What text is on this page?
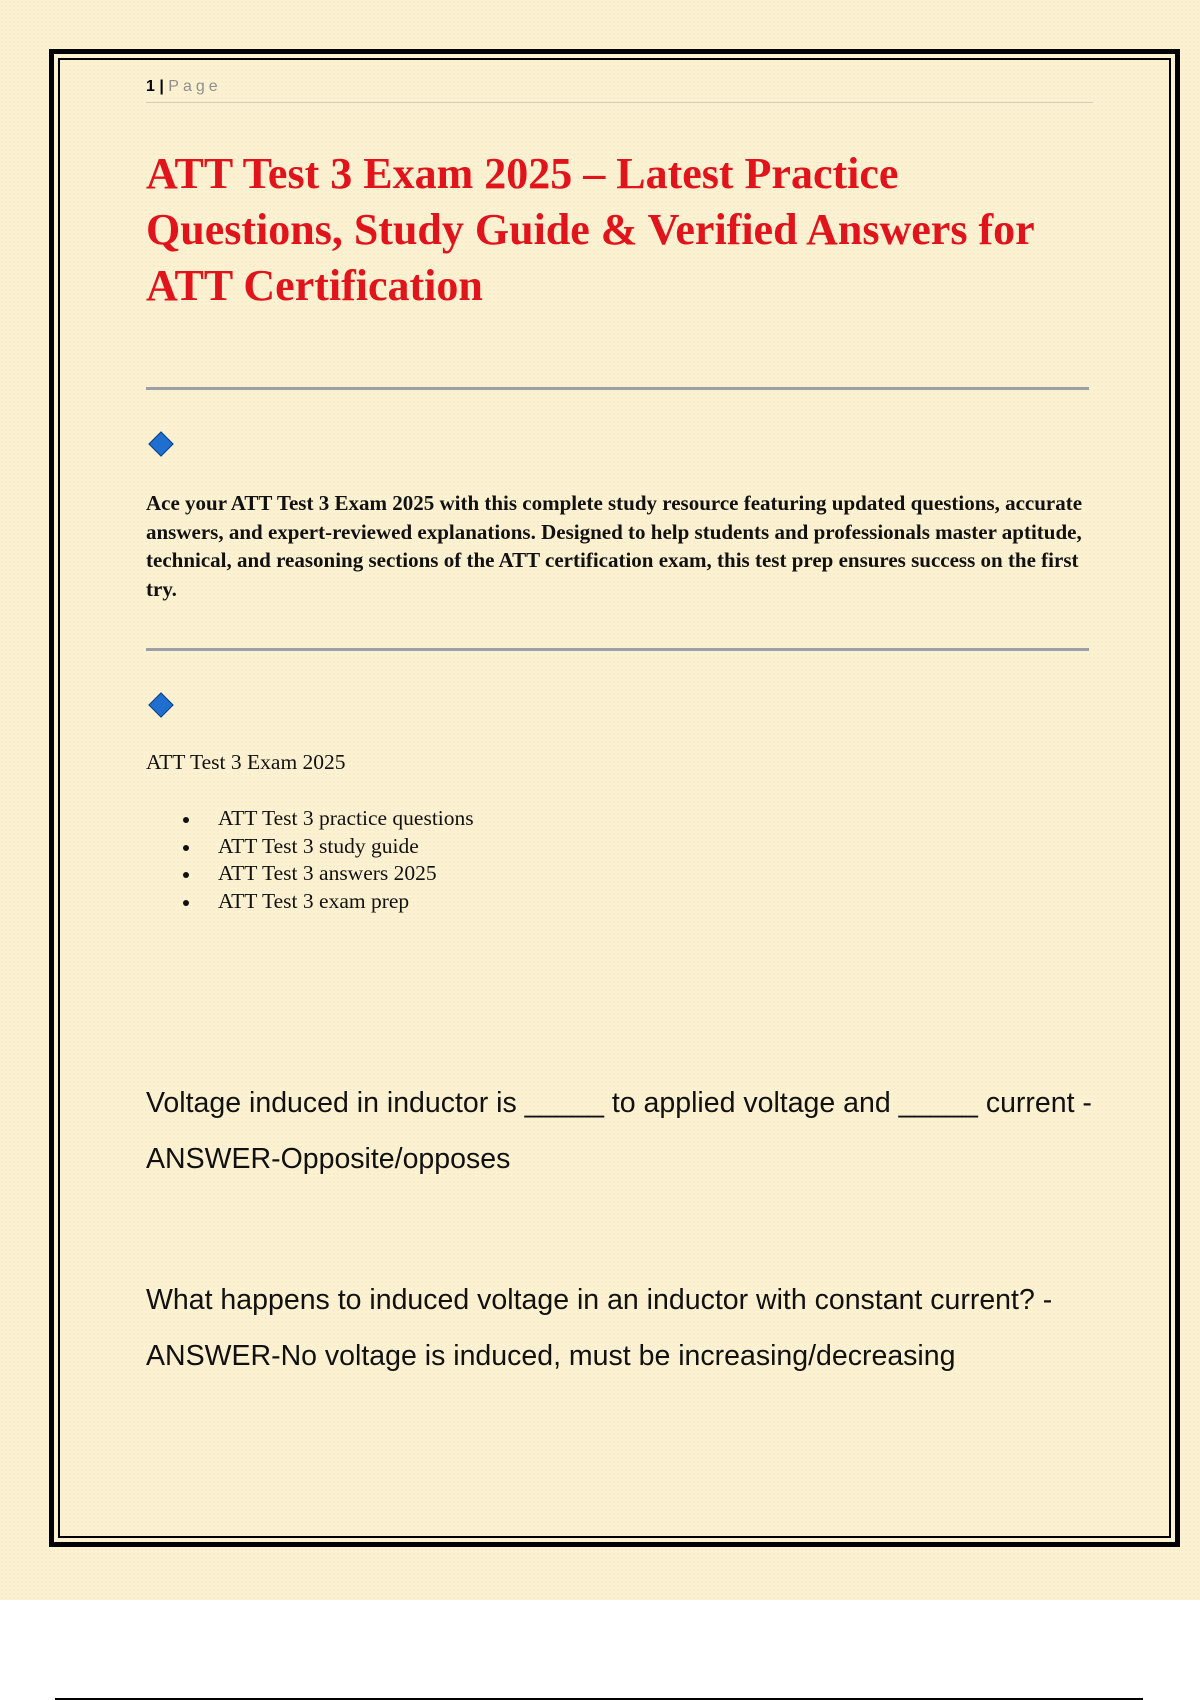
1 | Page
ATT Test 3 Exam 2025 – Latest Practice Questions, Study Guide & Verified Answers for ATT Certification

Ace your ATT Test 3 Exam 2025 with this complete study resource featuring updated questions, accurate answers, and expert-reviewed explanations. Designed to help students and professionals master aptitude, technical, and reasoning sections of the ATT certification exam, this test prep ensures success on the first try.

ATT Test 3 Exam 2025

ATT Test 3 practice questions
ATT Test 3 study guide
ATT Test 3 answers 2025
ATT Test 3 exam prep

Voltage induced in inductor is _____ to applied voltage and _____ current - ANSWER-Opposite/opposes

What happens to induced voltage in an inductor with constant current? - ANSWER-No voltage is induced, must be increasing/decreasing
